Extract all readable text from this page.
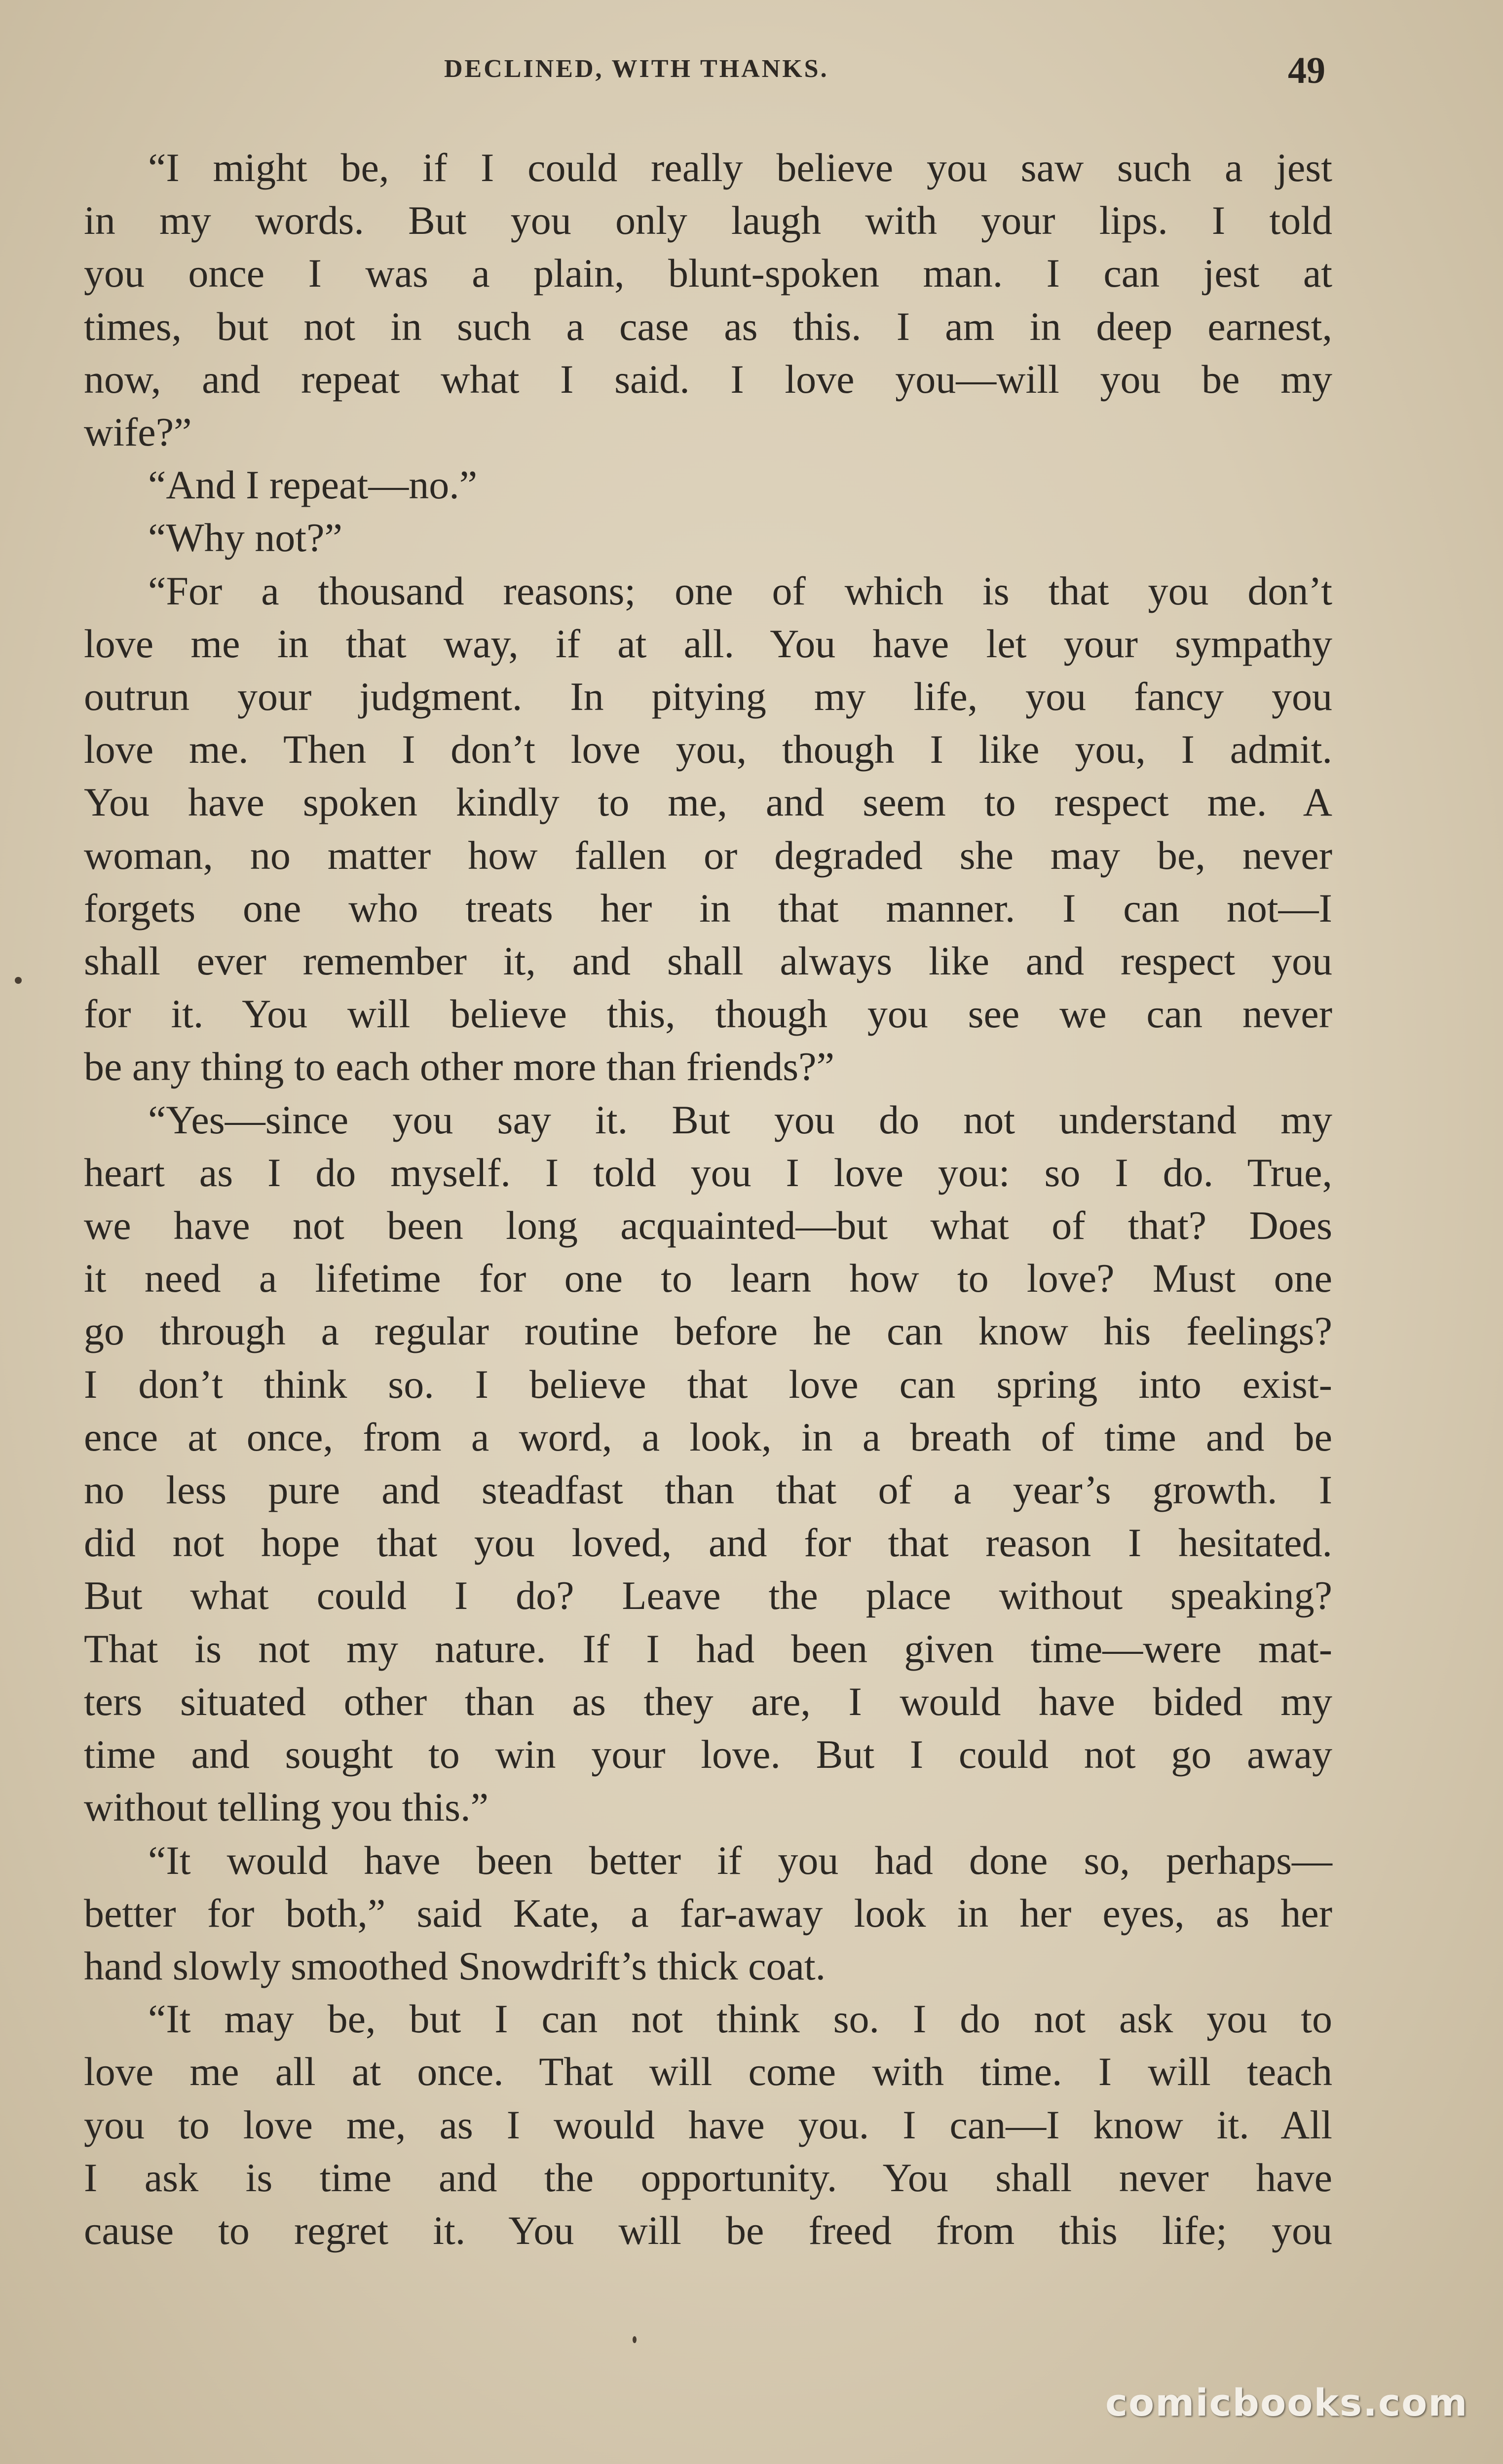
DECLINED, WITH THANKS.	49
“I might be, if I could really believe you saw such a jest
in my words. But you only laugh with your lips. I told
you once I was a plain, blunt-spoken man. I can jest at
times, but not in such a case as this. I am in deep earnest,
now, and repeat what I said. I love you—will you be my
wife?”
“And I repeat—no.”
“Why not?”
“For a thousand reasons; one of which is that you don’t
love me in that way, if at all. You have let your sympathy
outrun your judgment. In pitying my life, you fancy you
love me. Then I don’t love you, though I like you, I admit.
You have spoken kindly to me, and seem to respect me. A
woman, no matter how fallen or degraded she may be, never
forgets one who treats her in that manner. I can not—I
shall ever remember it, and shall always like and respect you
for it. You will believe this, though you see we can never
be any thing to each other more than friends?”
“Yes—since you say it. But you do not understand my
heart as I do myself. I told you I love you: so I do. True,
we have not been long acquainted—but what of that? Does
it need a lifetime for one to learn how to love? Must one
go through a regular routine before he can know his feelings?
I don’t think so. I believe that love can spring into exist-
ence at once, from a word, a look, in a breath of time and be
no less pure and steadfast than that of a year’s growth. I
did not hope that you loved, and for that reason I hesitated.
But what could I do? Leave the place without speaking?
That is not my nature. If I had been given time—were mat-
ters situated other than as they are, I would have bided my
time and sought to win your love. But I could not go away
without telling you this.”
“It would have been better if you had done so, perhaps—
better for both,” said Kate, a far-away look in her eyes, as her
hand slowly smoothed Snowdrift’s thick coat.
“It may be, but I can not think so. I do not ask you to
love me all at once. That will come with time. I will teach
you to love me, as I would have you. I can—I know it. All
I ask is time and the opportunity. You shall never have
cause to regret it. You will be freed from this life; you
comicbooks.com
